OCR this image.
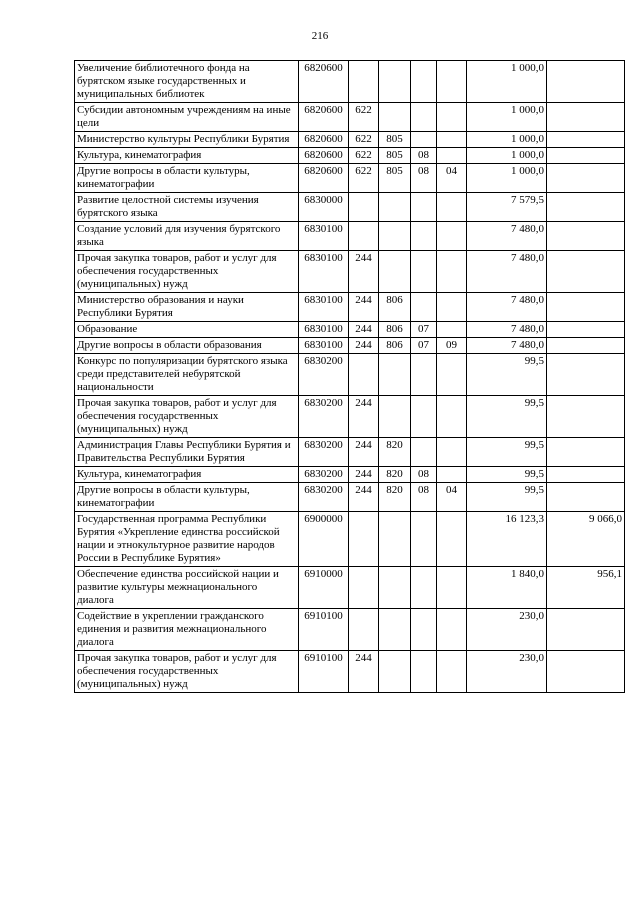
216
Увеличение библиотечного фонда на бурятском языке государственных и муниципальных библиотек	6820600					1 000,0	
Субсидии автономным учреждениям на иные цели	6820600	622				1 000,0	
Министерство культуры Республики Бурятия	6820600	622	805			1 000,0	
Культура, кинематография	6820600	622	805	08		1 000,0	
Другие вопросы в области культуры, кинематографии	6820600	622	805	08	04	1 000,0	
Развитие целостной системы изучения бурятского языка	6830000					7 579,5	
Создание условий для изучения бурятского языка	6830100					7 480,0	
Прочая закупка товаров, работ и услуг для обеспечения государственных (муниципальных) нужд	6830100	244				7 480,0	
Министерство образования и науки Республики Бурятия	6830100	244	806			7 480,0	
Образование	6830100	244	806	07		7 480,0	
Другие вопросы в области образования	6830100	244	806	07	09	7 480,0	
Конкурс по популяризации бурятского языка среди представителей небурятской национальности	6830200					99,5	
Прочая закупка товаров, работ и услуг для обеспечения государственных (муниципальных) нужд	6830200	244				99,5	
Администрация Главы Республики Бурятия и Правительства Республики Бурятия	6830200	244	820			99,5	
Культура, кинематография	6830200	244	820	08		99,5	
Другие вопросы в области культуры, кинематографии	6830200	244	820	08	04	99,5	
Государственная программа Республики Бурятия «Укрепление единства российской нации и этнокультурное развитие народов России в Республике Бурятия»	6900000					16 123,3	9 066,0
Обеспечение единства российской нации и развитие культуры межнационального диалога	6910000					1 840,0	956,1
Содействие в укреплении гражданского единения и развития межнационального диалога	6910100					230,0	
Прочая закупка товаров, работ и услуг для обеспечения государственных (муниципальных) нужд	6910100	244				230,0	
